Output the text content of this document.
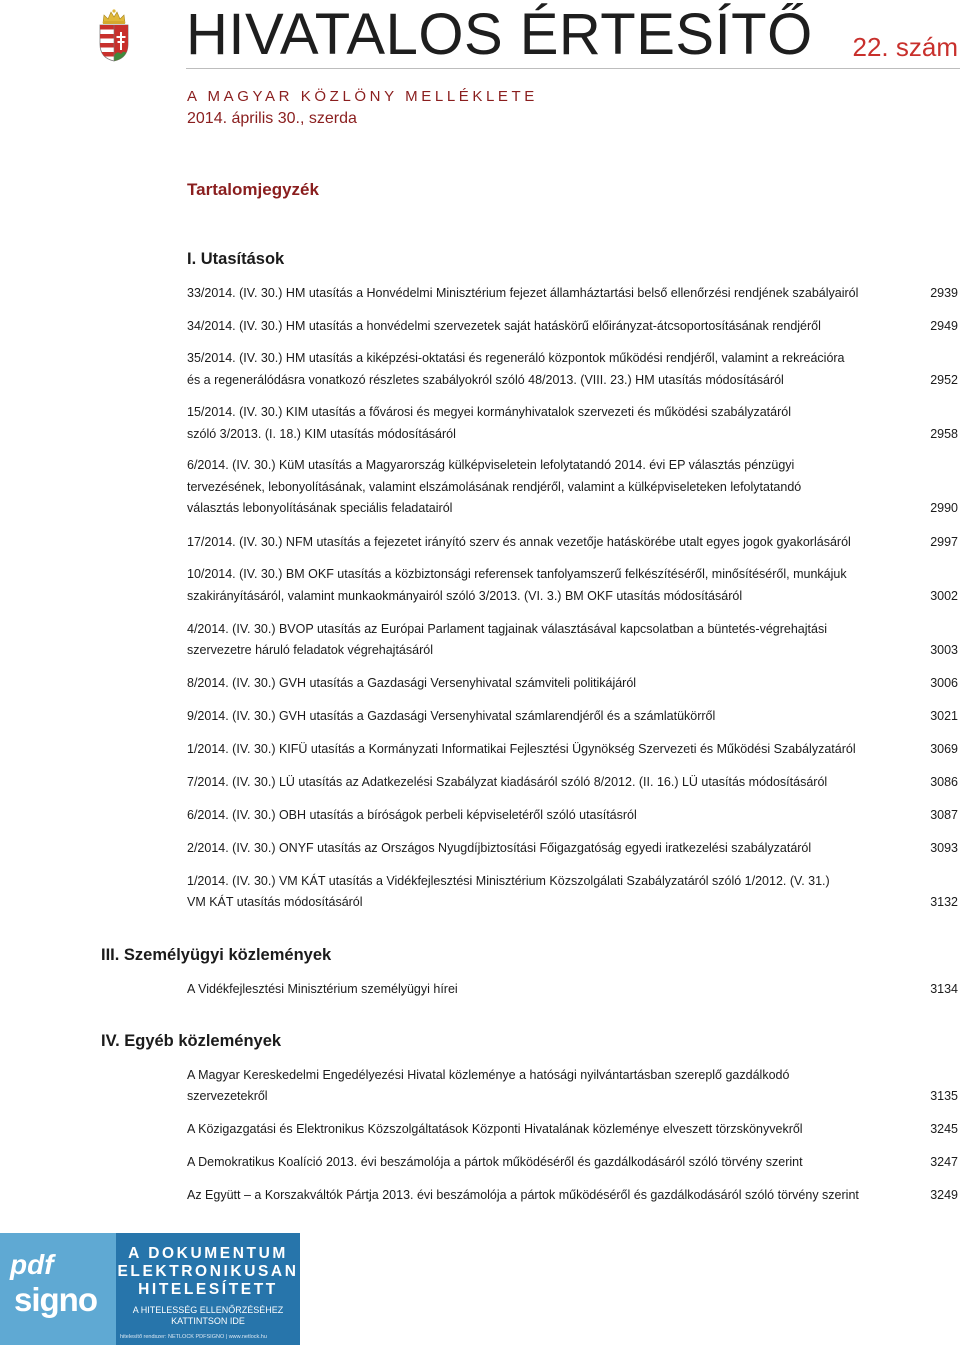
HIVATALOS ÉRTESÍTŐ 22. szám
A MAGYAR KÖZLÖNY MELLÉKLETE
2014. április 30., szerda
Tartalomjegyzék
I. Utasítások
III. Személyügyi közlemények
IV. Egyéb közlemények
33/2014. (IV. 30.) HM utasítás a Honvédelmi Minisztérium fejezet államháztartási belső ellenőrzési rendjének szabályairól	2939
34/2014. (IV. 30.) HM utasítás a honvédelmi szervezetek saját hatáskörű előirányzat-átcsoportosításának rendjéről	2949
35/2014. (IV. 30.) HM utasítás a kiképzési-oktatási és regeneráló központok működési rendjéről, valamint a rekreációra
és a regenerálódásra vonatkozó részletes szabályokról szóló 48/2013. (VIII. 23.) HM utasítás módosításáról	2952
15/2014. (IV. 30.) KIM utasítás a fővárosi és megyei kormányhivatalok szervezeti és működési szabályzatáról
szóló 3/2013. (I. 18.) KIM utasítás módosításáról	2958
6/2014. (IV. 30.) KüM utasítás a Magyarország külképviseletein lefolytatandó 2014. évi EP választás pénzügyi
tervezésének, lebonyolításának, valamint elszámolásának rendjéről, valamint a külképviseleteken lefolytatandó
választás lebonyolításának speciális feladatairól	2990
17/2014. (IV. 30.) NFM utasítás a fejezetet irányító szerv és annak vezetője hatáskörébe utalt egyes jogok gyakorlásáról	2997
10/2014. (IV. 30.) BM OKF utasítás a közbiztonsági referensek tanfolyamszerű felkészítéséről, minősítéséről, munkájuk
szakirányításáról, valamint munkaokmányairól szóló 3/2013. (VI. 3.) BM OKF utasítás módosításáról	3002
4/2014. (IV. 30.) BVOP utasítás az Európai Parlament tagjainak választásával kapcsolatban a büntetés-végrehajtási
szervezetre háruló feladatok végrehajtásáról	3003
8/2014. (IV. 30.) GVH utasítás a Gazdasági Versenyhivatal számviteli politikájáról	3006
9/2014. (IV. 30.) GVH utasítás a Gazdasági Versenyhivatal számlarendjéről és a számlatükörről	3021
1/2014. (IV. 30.) KIFÜ utasítás a Kormányzati Informatikai Fejlesztési Ügynökség Szervezeti és Működési Szabályzatáról	3069
7/2014. (IV. 30.) LÜ utasítás az Adatkezelési Szabályzat kiadásáról szóló 8/2012. (II. 16.) LÜ utasítás módosításáról	3086
6/2014. (IV. 30.) OBH utasítás a bíróságok perbeli képviseletéről szóló utasításról	3087
2/2014. (IV. 30.) ONYF utasítás az Országos Nyugdíjbiztosítási Főigazgatóság egyedi iratkezelési szabályzatáról	3093
1/2014. (IV. 30.) VM KÁT utasítás a Vidékfejlesztési Minisztérium Közszolgálati Szabályzatáról szóló 1/2012. (V. 31.)
VM KÁT utasítás módosításáról	3132
A Vidékfejlesztési Minisztérium személyügyi hírei	3134
A Magyar Kereskedelmi Engedélyezési Hivatal közleménye a hatósági nyilvántartásban szereplő gazdálkodó
szervezetekről	3135
A Közigazgatási és Elektronikus Közszolgáltatások Központi Hivatalának közleménye elveszett törzskönyvekről	3245
A Demokratikus Koalíció 2013. évi beszámolója a pártok működéséről és gazdálkodásáról szóló törvény szerint	3247
Az Együtt – a Korszakváltók Pártja 2013. évi beszámolója a pártok működéséről és gazdálkodásáról szóló törvény szerint	3249
pdf
signo
A DOKUMENTUM
ELEKTRONIKUSAN
HITELESÍTETT
A HITELESSÉG ELLENŐRZÉSÉHEZ
KATTINTSON IDE
hitelesítő rendszer: NETLOCK PDFSIGNO | www.netlock.hu
